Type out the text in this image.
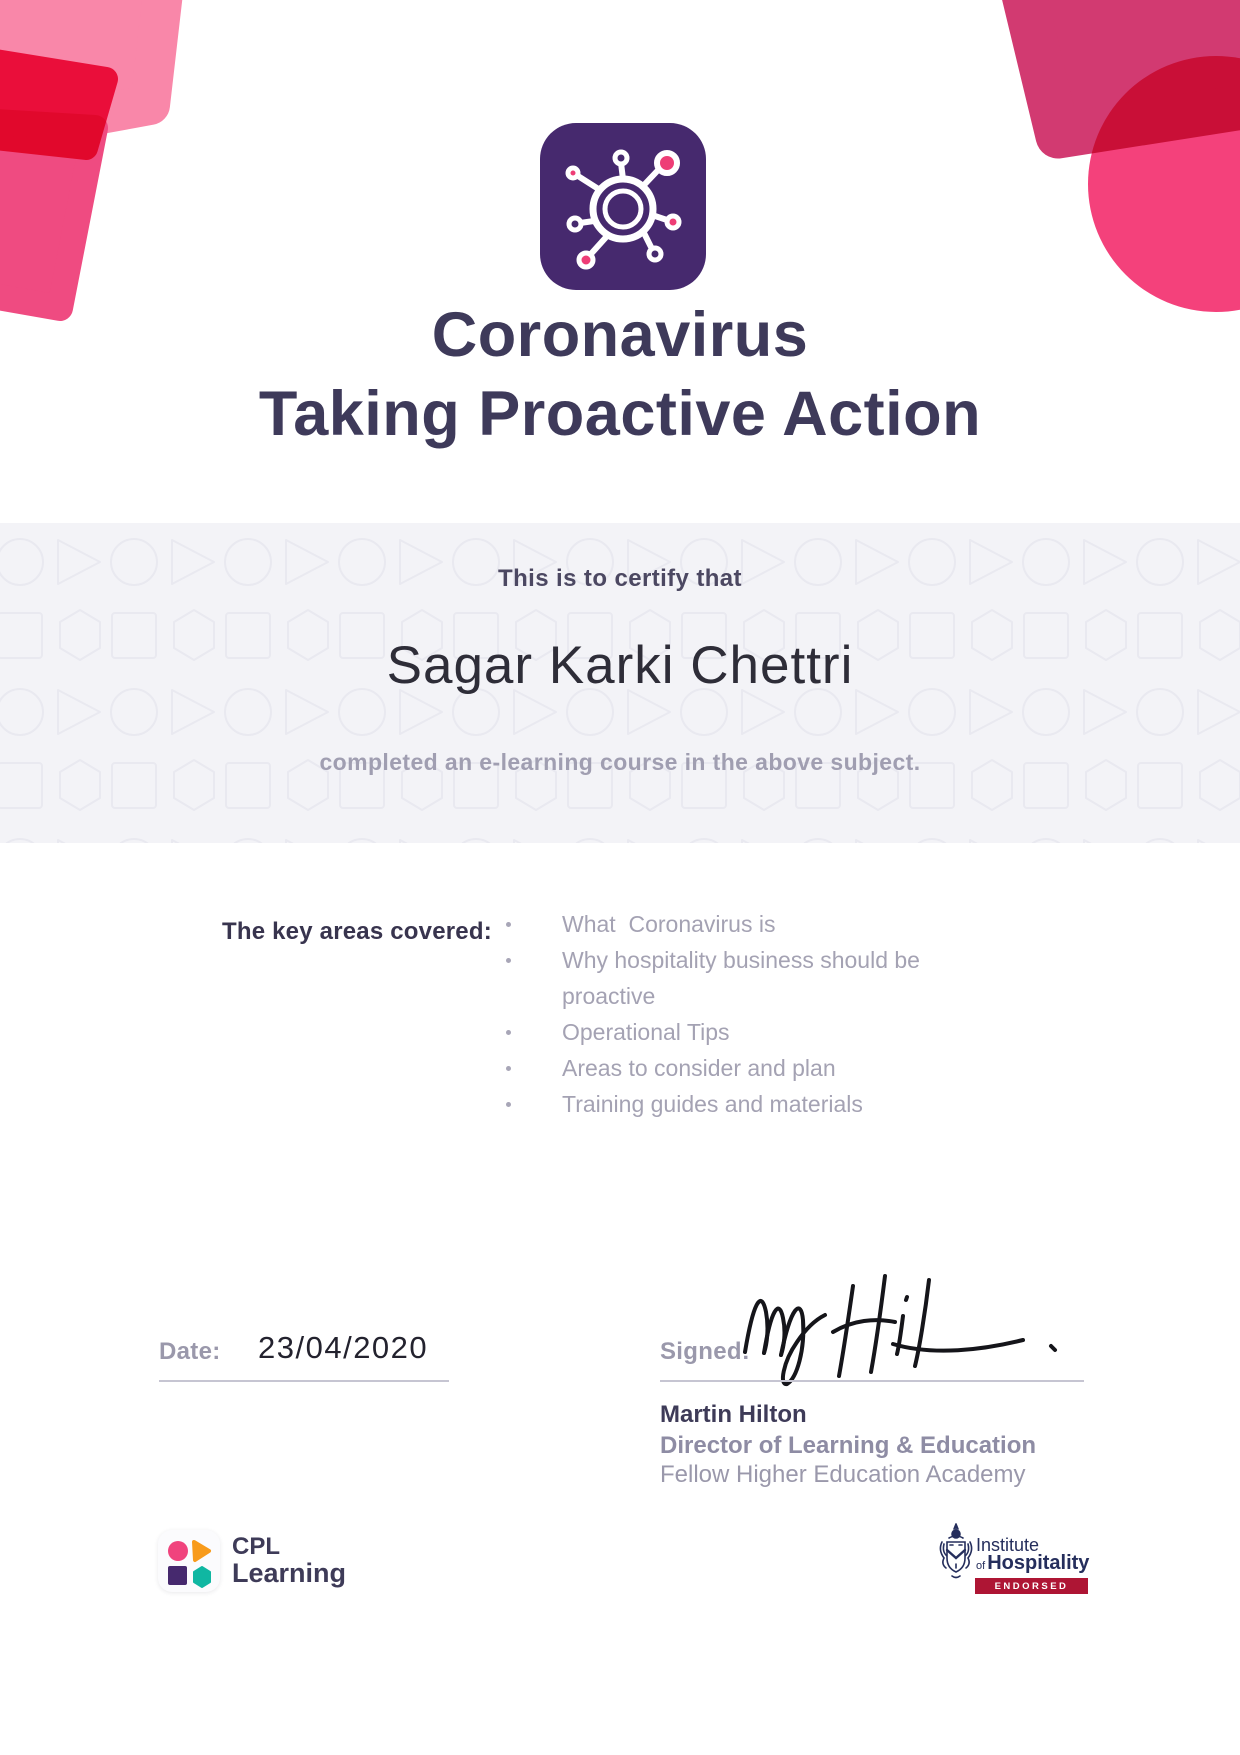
Coronavirus
Taking Proactive Action
This is to certify that
Sagar Karki Chettri
completed an e-learning course in the above subject.
The key areas covered:	What  Coronavirus is
Why hospitality business should be proactive
Operational Tips
Areas to consider and plan
Training guides and materials
Date: 23/04/2020	Signed:
Martin Hilton
Director of Learning & Education
Fellow Higher Education Academy
CPL
Learning
Institute
of Hospitality
ENDORSED
